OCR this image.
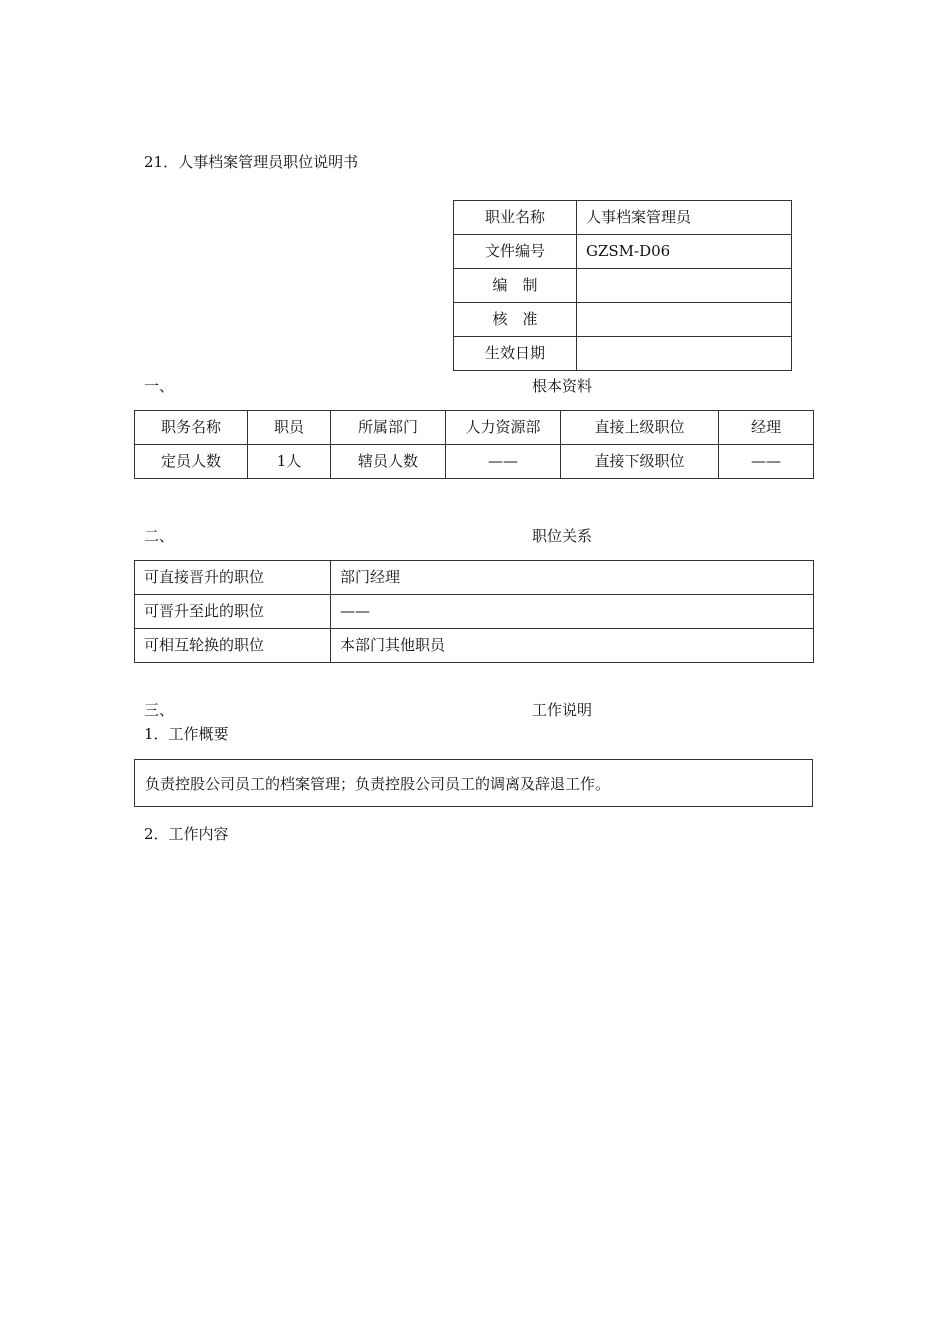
21．人事档案管理员职位说明书
职业名称	人事档案管理员
文件编号	GZSM-D06
编　制	
核　准	
生效日期	
一、	根本资料
职务名称	职员	所属部门	人力资源部	直接上级职位	经理
定员人数	1人	辖员人数	——	直接下级职位	——
二、	职位关系
可直接晋升的职位	部门经理
可晋升至此的职位	——
可相互轮换的职位	本部门其他职员
三、	工作说明
1．工作概要
负责控股公司员工的档案管理；负责控股公司员工的调离及辞退工作。
2．工作内容
